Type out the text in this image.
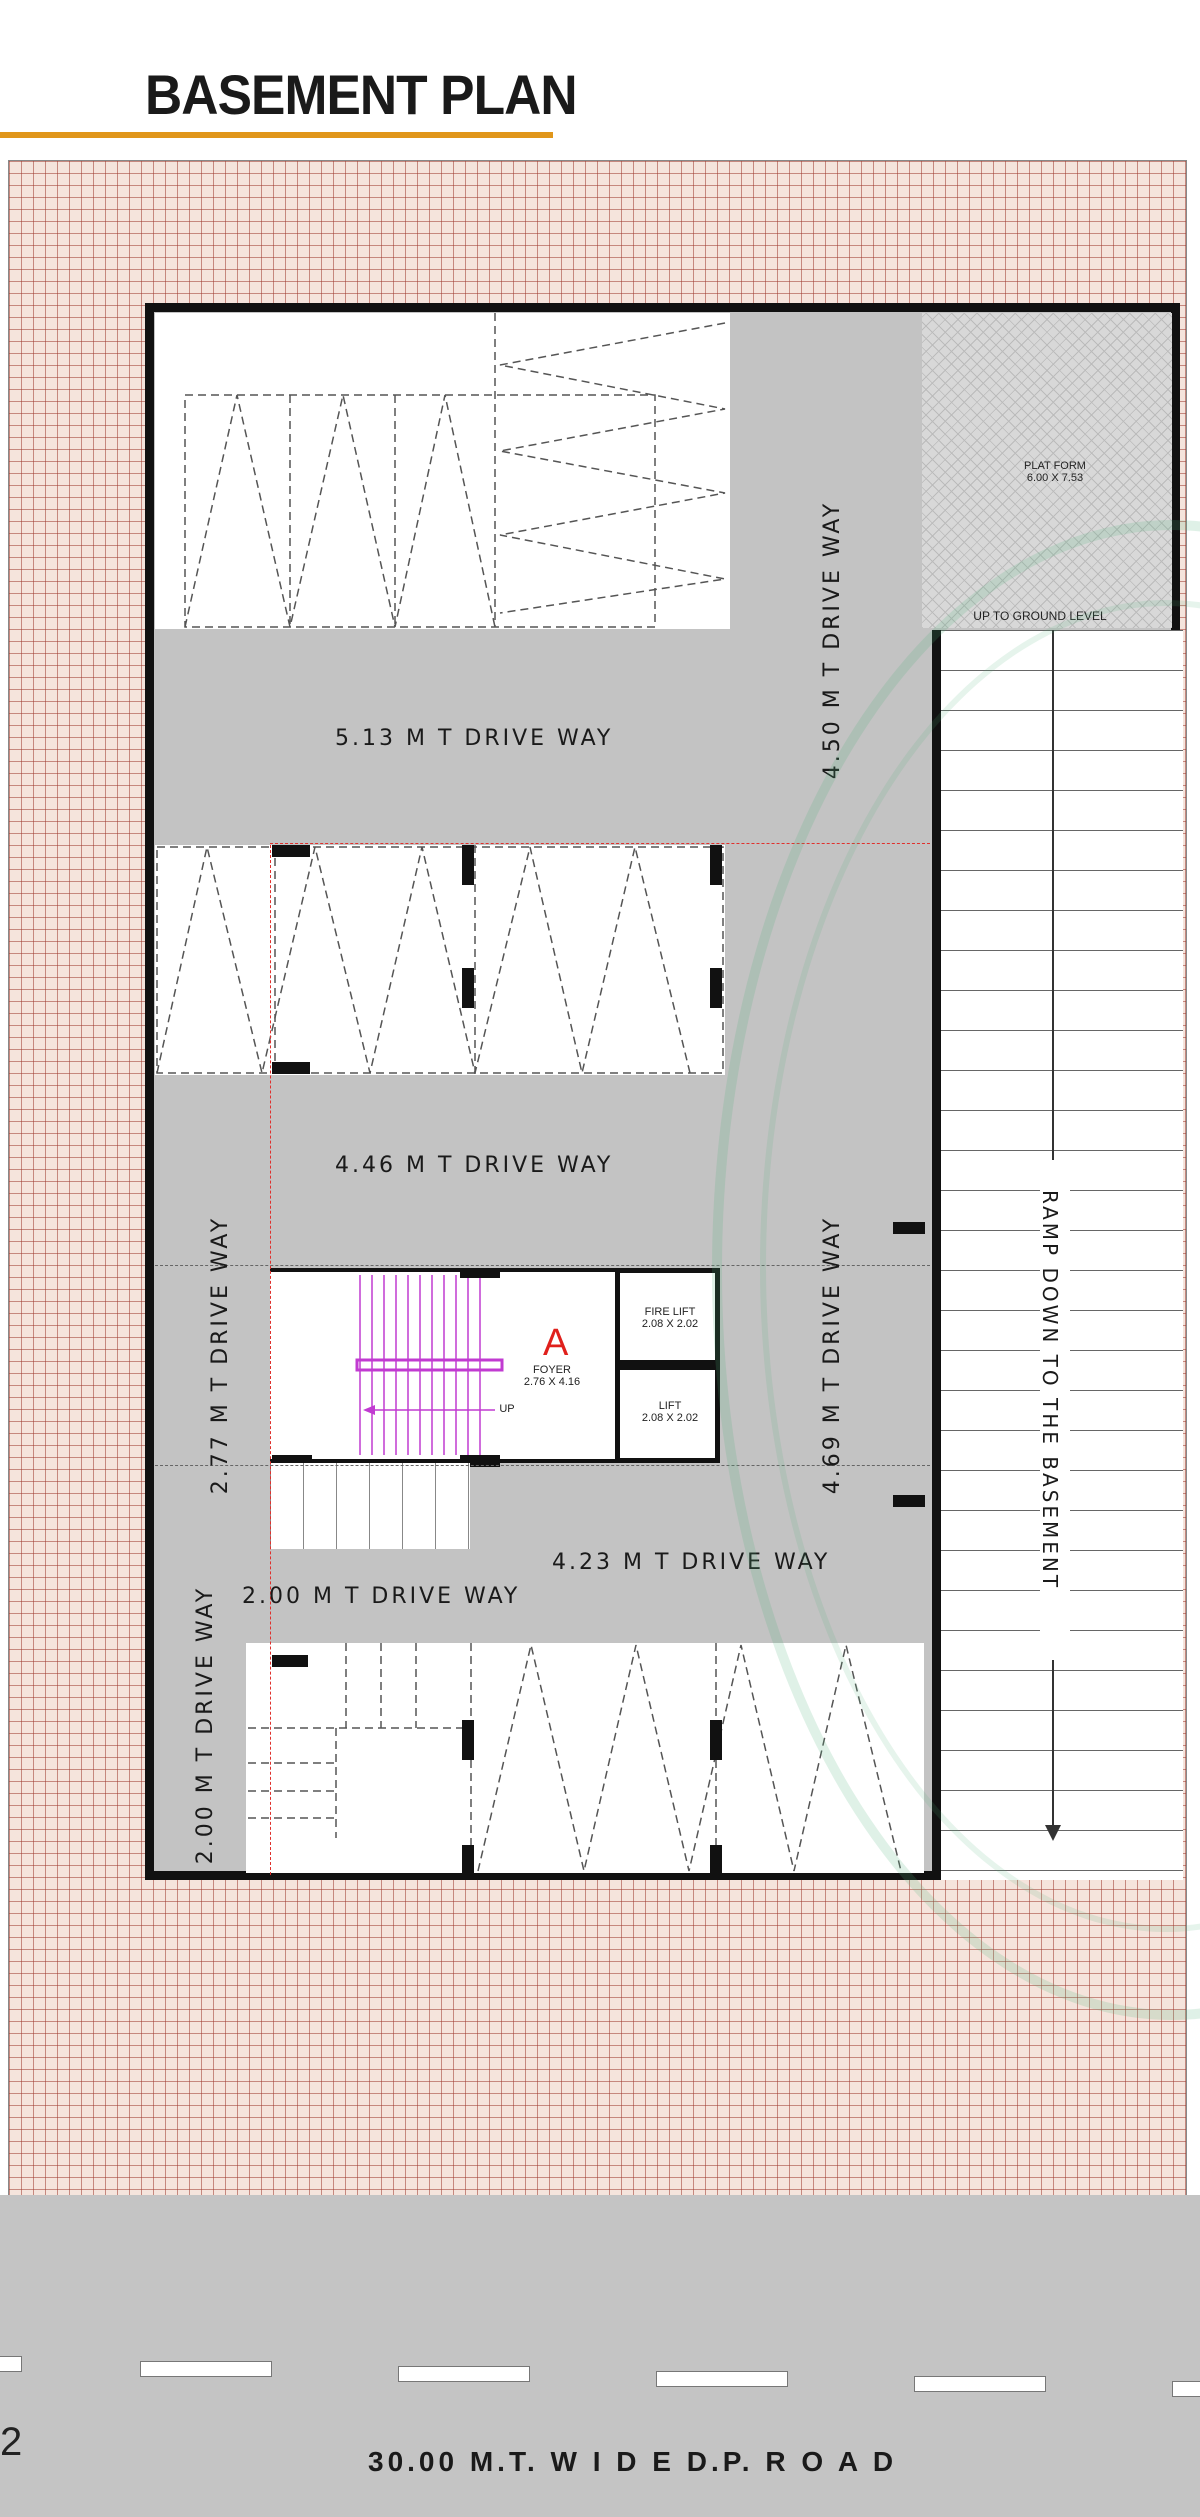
BASEMENT PLAN
PLAT FORM
6.00 X 7.53
UP TO GROUND LEVEL
RAMP DOWN TO THE BASEMENT
UP
A
FOYER
2.76 X 4.16
FIRE LIFT
2.08 X 2.02
LIFT
2.08 X 2.02
5.13 M T DRIVE WAY	4.50 M T DRIVE WAY
4.46 M T DRIVE WAY
2.77 M T DRIVE WAY	4.69 M T DRIVE WAY
4.23 M T DRIVE WAY
2.00 M T DRIVE WAY
2.00 M T DRIVE WAY
30.00 M.T. W I D E D.P. R O A D
2
